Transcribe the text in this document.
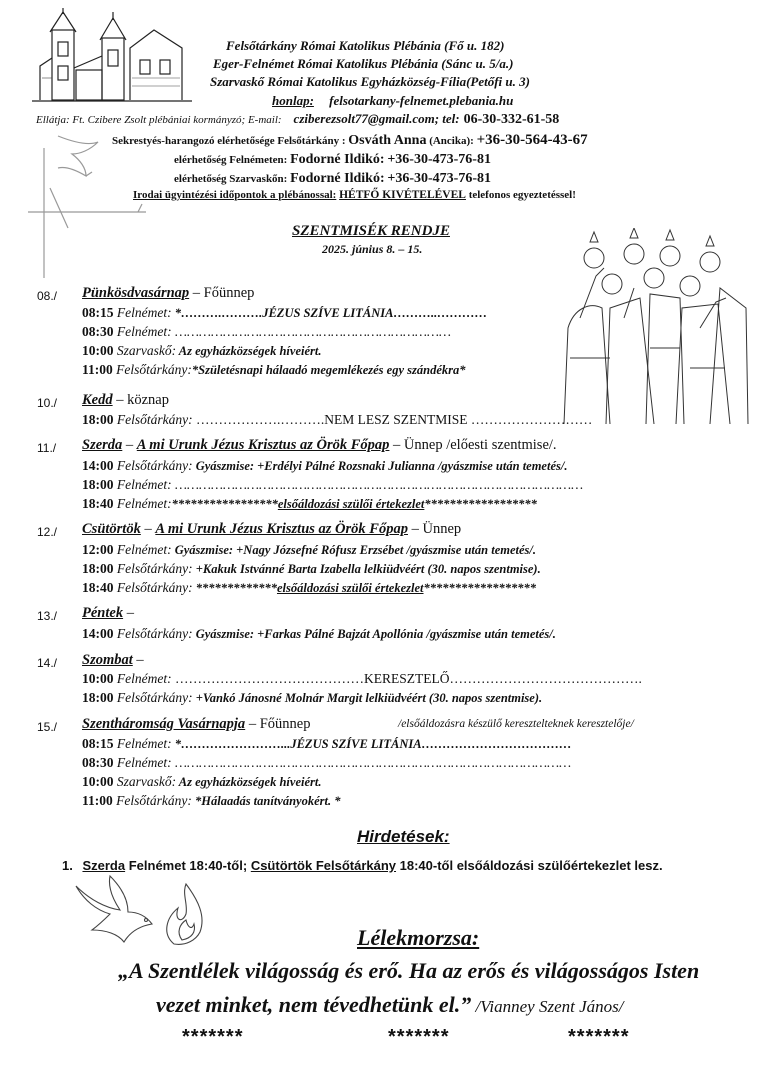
Felsőtárkány Római Katolikus Plébánia (Fő u. 182)
Eger-Felnémet Római Katolikus Plébánia (Sánc u. 5/a.)
Szarvaskő Római Katolikus Egyházközség-Fília(Petőfi u. 3)
honlap: felsotarkany-felnemet.plebania.hu
Ellátja: Ft. Czibere Zsolt plébániai kormányzó; E-mail: cziberezsolt77@gmail.com; tel: 06-30-332-61-58
Sekrestyés-harangozó elérhetősége Felsőtárkány : Osváth Anna (Ancika): +36-30-564-43-67
elérhetőség Felnémeten: Fodorné Ildikó: +36-30-473-76-81
elérhetőség Szarvaskőn: Fodorné Ildikó: +36-30-473-76-81
Irodai ügyintézési időpontok a plébánossal: HÉTFŐ KIVÉTELÉVEL telefonos egyeztetéssel!
SZENTMISÉK RENDJE
2025. június 8. – 15.
08./ Pünkösdvasárnap – Főünnep
08:15 Felnémet: *……….……….JÉZUS SZÍVE LITÁNIA………..…………
08:30 Felnémet: ……………………………………………………………
10:00 Szarvaskő: Az egyházközségek híveiért.
11:00 Felsőtárkány:*Születésnapi hálaadó megemlékezés egy szándékra*
10./ Kedd – köznap
18:00 Felsőtárkány: ……………….……….NEM LESZ SZENTMISE ………………………
11./ Szerda – A mi Urunk Jézus Krisztus az Örök Főpap – Ünnep /előesti szentmise/.
14:00 Felsőtárkány: Gyászmise: +Erdélyi Pálné Rozsnaki Julianna /gyászmise után temetés/.
18:00 Felnémet: …………………………………………………………………………………………
18:40 Felnémet:*****************elsőáldozási szülői értekezlet******************
12./ Csütörtök – A mi Urunk Jézus Krisztus az Örök Főpap – Ünnep
12:00 Felnémet: Gyászmise: +Nagy Józsefné Rófusz Erzsébet /gyászmise után temetés/.
18:00 Felsőtárkány: +Kakuk Istvánné Barta Izabella lelkiüdvéért (30. napos szentmise).
18:40 Felsőtárkány: *************elsőáldozási szülői értekezlet******************
13./ Péntek –
14:00 Felsőtárkány: Gyászmise: +Farkas Pálné Bajzát Apollónia /gyászmise után temetés/.
14./ Szombat –
10:00 Felnémet: ……………………………………KERESZTELŐ…………………………………….
18:00 Felsőtárkány: +Vankó Jánosné Molnár Margit lelkiüdvéért (30. napos szentmise).
15./ Szentháromság Vasárnapja – Főünnep	/elsőáldozásra készülő keresztelteknek keresztelője/
08:15 Felnémet: *……………………...JÉZUS SZÍVE LITÁNIA………………………………
08:30 Felnémet: ………………………………………………………………………………………
10:00 Szarvaskő: Az egyházközségek híveiért.
11:00 Felsőtárkány: *Hálaadás tanítványokért. *
Hirdetések:
1. Szerda Felnémet 18:40-től; Csütörtök Felsőtárkány 18:40-től elsőáldozási szülőértekezlet lesz.
Lélekmorzsa:
„A Szentlélek világosság és erő. Ha az erős és világosságos Isten
vezet minket, nem tévedhetünk el.” /Vianney Szent János/
*******	*******	*******
